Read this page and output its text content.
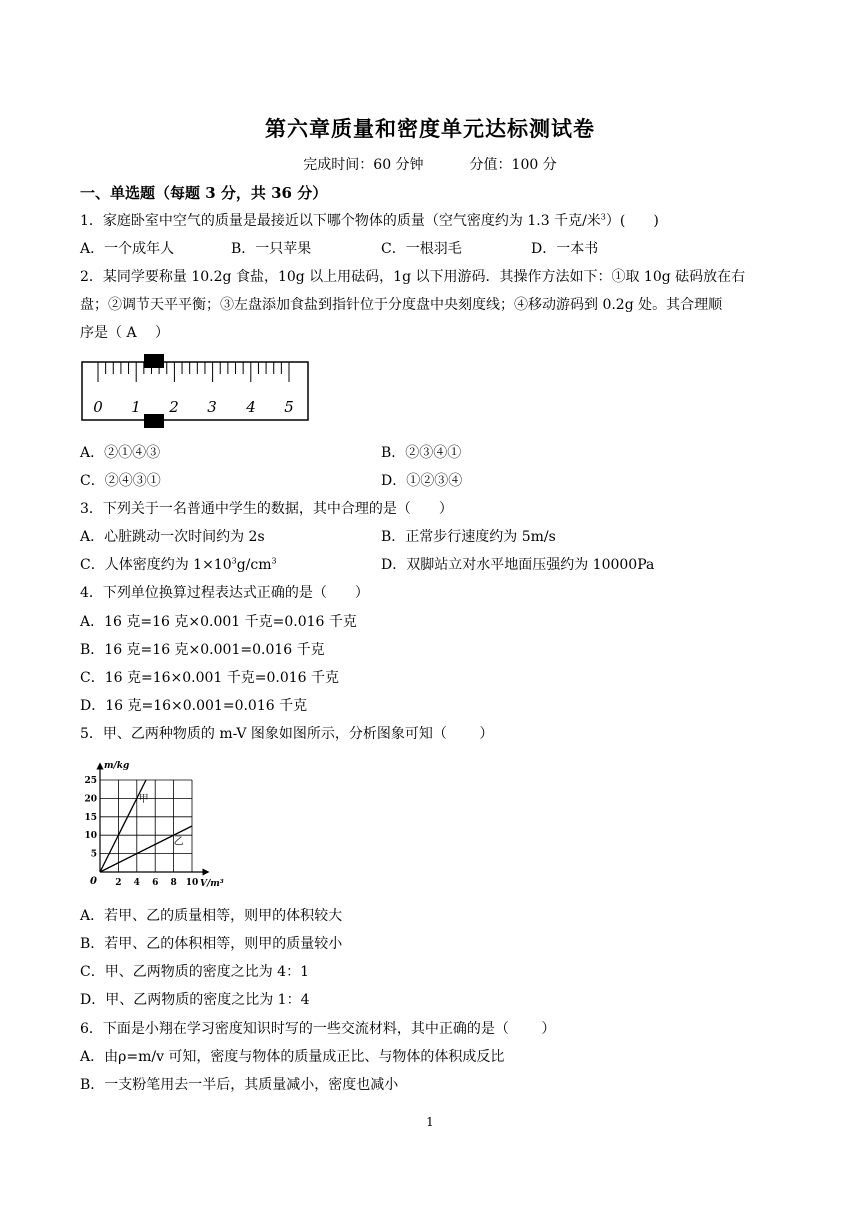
第六章质量和密度单元达标测试卷
完成时间：60 分钟	分值：100 分
一、单选题（每题 3 分，共 36 分）
1．家庭卧室中空气的质量是最接近以下哪个物体的质量（空气密度约为 1.3 千克/米$^3$）(　　)
A．一个成年人	B．一只苹果	C．一根羽毛	D．一本书
2．某同学要称量 10.2g 食盐，10g 以上用砝码，1g 以下用游码．其操作方法如下：①取 10g 砝码放在右
盘；②调节天平平衡；③左盘添加食盐到指针位于分度盘中央刻度线；④移动游码到 0.2g 处。其合理顺
序是（ A　 ）
0 1 2 3 4 5
A．②①④③	B．②③④①
C．②④③①	D．①②③④
3．下列关于一名普通中学生的数据，其中合理的是（　　）
A．心脏跳动一次时间约为 2s	B．正常步行速度约为 5m/s
C．人体密度约为 $1\times 10^3g/cm^3$	D．双脚站立对水平地面压强约为 10000Pa
4．下列单位换算过程表达式正确的是（　　）
A．16 克=16 克×0.001 千克=0.016 千克
B．16 克=16 克×0.001=0.016 千克
C．16 克=16×0.001 千克=0.016 千克
D．16 克=16×0.001=0.016 千克
5．甲、乙两种物质的 m-V 图象如图所示，分析图象可知（　　 ）
2 4 6 8 10
5
10
15
20
25
甲
乙
m/kg
V/m³
0
A．若甲、乙的质量相等，则甲的体积较大
B．若甲、乙的体积相等，则甲的质量较小
C．甲、乙两物质的密度之比为 4：1
D．甲、乙两物质的密度之比为 1：4
6．下面是小翔在学习密度知识时写的一些交流材料，其中正确的是（　　 ）
A．由ρ=m/v 可知，密度与物体的质量成正比、与物体的体积成反比
B．一支粉笔用去一半后，其质量减小，密度也减小
1
